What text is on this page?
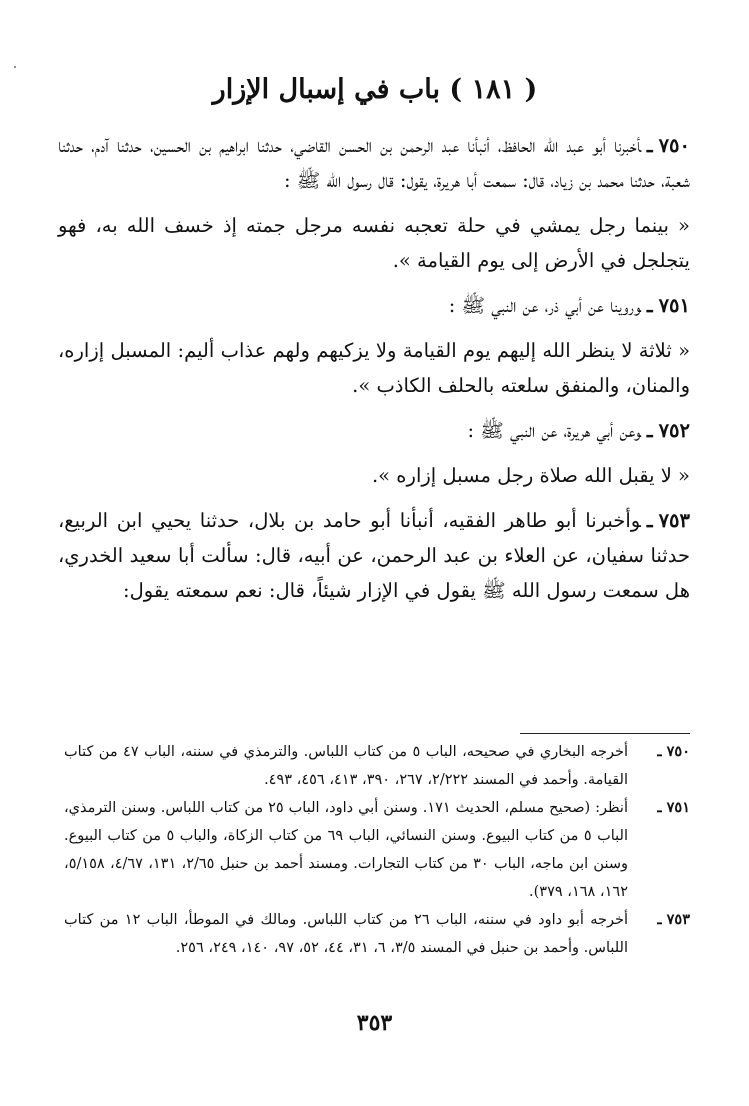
( ١٨١ ) باب في إسبال الإزار

٧٥٠ـأخبرنا أبو عبد الله الحافظ، أنبأنا عبد الرحمن بن الحسن القاضي، حدثنا ابراهيم بن الحسين، حدثنا آدم، حدثنا شعبة، حدثنا محمد بن زياد، قال: سمعت أبا هريرة، يقول: قال رسول الله ﷺ :

« بينما رجل يمشي في حلة تعجبه نفسه مرجل جمته إذ خسف الله به، فهو يتجلجل في الأرض إلى يوم القيامة ».

٧٥١ـوروينا عن أبي ذر، عن النبي ﷺ :

« ثلاثة لا ينظر الله إليهم يوم القيامة ولا يزكيهم ولهم عذاب أليم: المسبل إزاره، والمنان، والمنفق سلعته بالحلف الكاذب ».

٧٥٢ـوعن أبي هريرة، عن النبي ﷺ :

« لا يقبل الله صلاة رجل مسبل إزاره ».

٧٥٣ـوأخبرنا أبو طاهر الفقيه، أنبأنا أبو حامد بن بلال، حدثنا يحيي ابن الربيع، حدثنا سفيان، عن العلاء بن عبد الرحمن، عن أبيه، قال: سألت أبا سعيد الخدري، هل سمعت رسول الله ﷺ يقول في الإزار شيئاً، قال: نعم سمعته يقول:

٧٥٠ ـ
أخرجه البخاري في صحيحه، الباب ٥ من كتاب اللباس. والترمذي في سننه، الباب ٤٧ من كتاب القيامة. وأحمد في المسند ٢/٢٢٢، ٢٦٧، ٣٩٠، ٤١٣، ٤٥٦، ٤٩٣.
٧٥١ ـ
أنظر: (صحيح مسلم، الحديث ١٧١. وسنن أبي داود، الباب ٢٥ من كتاب اللباس. وسنن الترمذي، الباب ٥ من كتاب البيوع. وسنن النسائي، الباب ٦٩ من كتاب الزكاة، والباب ٥ من كتاب البيوع. وسنن ابن ماجه، الباب ٣٠ من كتاب التجارات. ومسند أحمد بن حنبل ٢/٦٥، ١٣١، ٤/٦٧، ٥/١٥٨، ١٦٢، ١٦٨، ٣٧٩).
٧٥٣ ـ
أخرجه أبو داود في سننه، الباب ٢٦ من كتاب اللباس. ومالك في الموطأ، الباب ١٢ من كتاب اللباس. وأحمد بن حنبل في المسند ٣/٥، ٦، ٣١، ٤٤، ٥٢، ٩٧، ١٤٠، ٢٤٩، ٢٥٦.
٣٥٣
